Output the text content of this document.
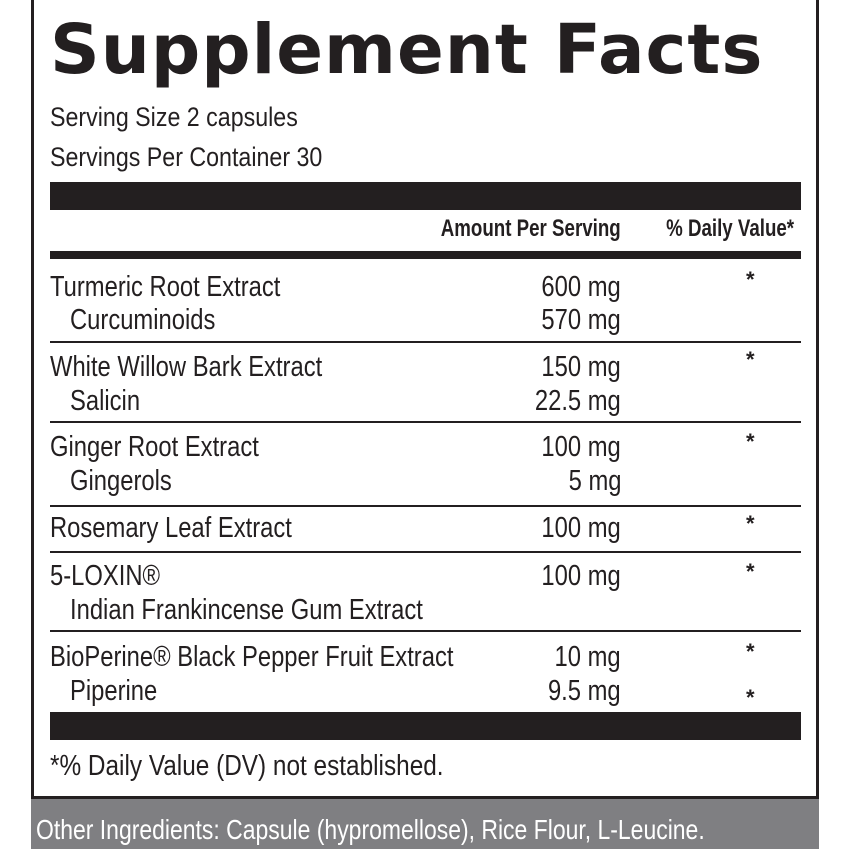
Supplement Facts
Serving Size 2 capsules
Servings Per Container 30
Amount Per Serving % Daily Value*
Turmeric Root Extract	600 mg	*
Curcuminoids	570 mg
White Willow Bark Extract	150 mg	*
Salicin	22.5 mg
Ginger Root Extract	100 mg	*
Gingerols	5 mg
Rosemary Leaf Extract	100 mg	*
5-LOXIN®	100 mg	*
Indian Frankincense Gum Extract
BioPerine® Black Pepper Fruit Extract	10 mg	*
Piperine	9.5 mg	*
*% Daily Value (DV) not established.
Other Ingredients: Capsule (hypromellose), Rice Flour, L-Leucine.
